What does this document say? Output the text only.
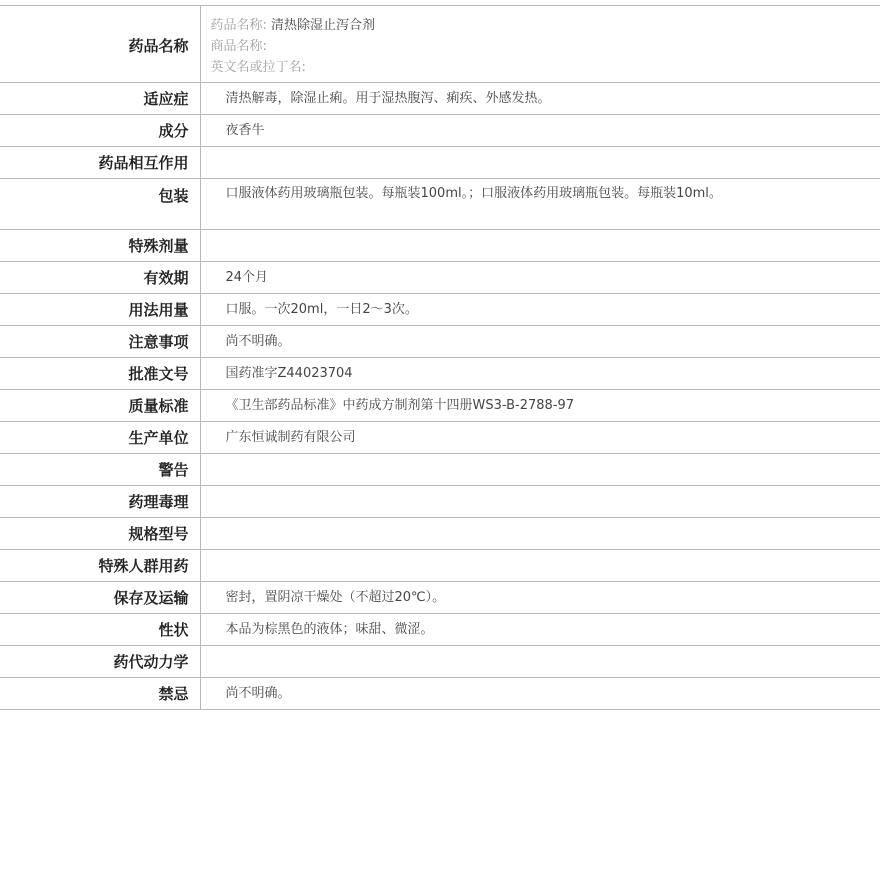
药品名称	药品名称: 清热除湿止泻合剂
商品名称:
英文名或拉丁名:

适应症	清热解毒，除湿止痢。用于湿热腹泻、痢疾、外感发热。
成分	夜香牛
药品相互作用	
包装	口服液体药用玻璃瓶包装。每瓶装100ml。；口服液体药用玻璃瓶包装。每瓶装10ml。
特殊剂量	
有效期	24个月
用法用量	口服。一次20ml，一日2～3次。
注意事项	尚不明确。
批准文号	国药准字Z44023704
质量标准	《卫生部药品标准》中药成方制剂第十四册WS3-B-2788-97
生产单位	广东恒诚制药有限公司
警告	
药理毒理	
规格型号	
特殊人群用药	
保存及运输	密封，置阴凉干燥处（不超过20℃）。
性状	本品为棕黑色的液体；味甜、微涩。
药代动力学	
禁忌	尚不明确。
